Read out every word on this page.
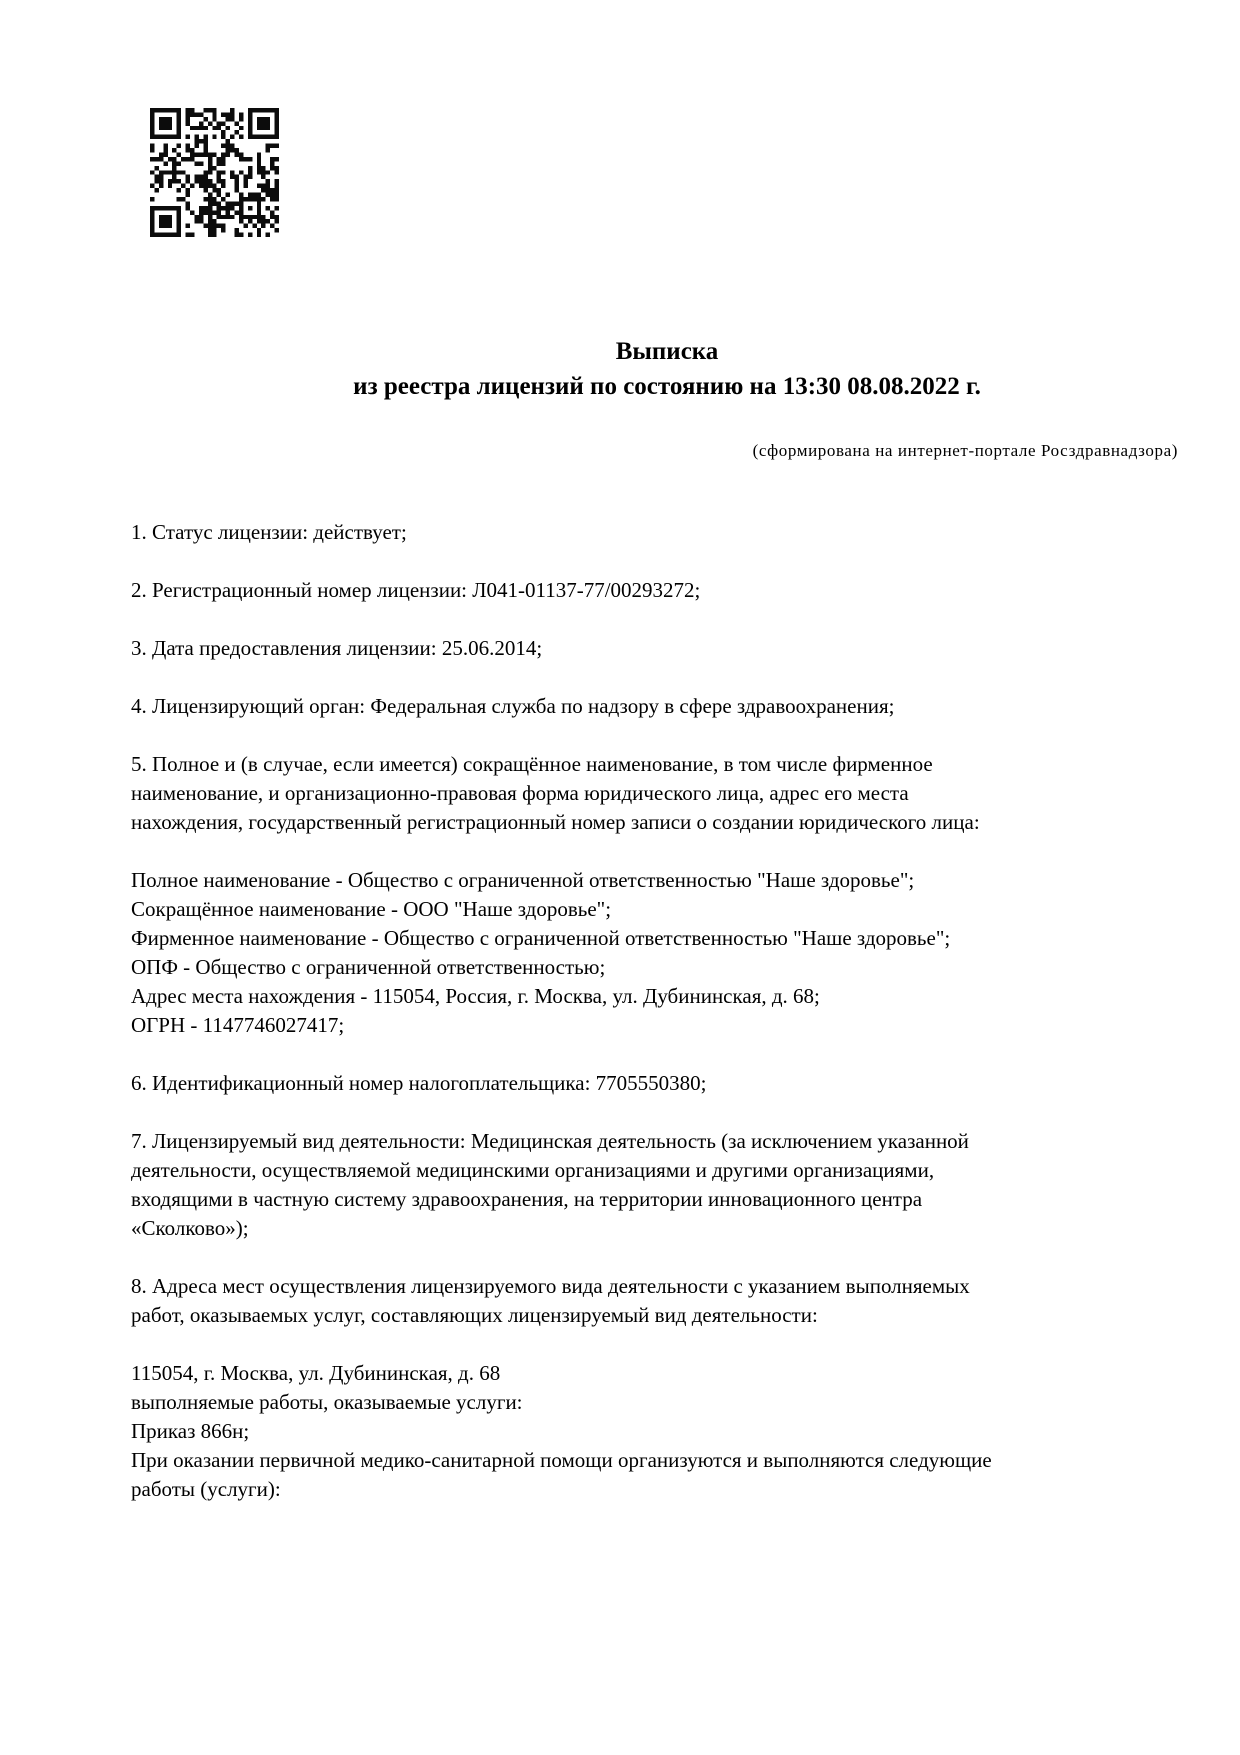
Выписка
из реестра лицензий по состоянию на 13:30 08.08.2022 г.
(сформирована на интернет-портале Росздравнадзора)
1. Статус лицензии: действует;
2. Регистрационный номер лицензии: Л041-01137-77/00293272;
3. Дата предоставления лицензии: 25.06.2014;
4. Лицензирующий орган: Федеральная служба по надзору в сфере здравоохранения;
5. Полное и (в случае, если имеется) сокращённое наименование, в том числе фирменное
наименование, и организационно-правовая форма юридического лица, адрес его места
нахождения, государственный регистрационный номер записи о создании юридического лица:
Полное наименование - Общество с ограниченной ответственностью "Наше здоровье";
Сокращённое наименование - ООО "Наше здоровье";
Фирменное наименование - Общество с ограниченной ответственностью "Наше здоровье";
ОПФ - Общество с ограниченной ответственностью;
Адрес места нахождения - 115054, Россия, г. Москва, ул. Дубининская, д. 68;
ОГРН - 1147746027417;
6. Идентификационный номер налогоплательщика: 7705550380;
7. Лицензируемый вид деятельности: Медицинская деятельность (за исключением указанной
деятельности, осуществляемой медицинскими организациями и другими организациями,
входящими в частную систему здравоохранения, на территории инновационного центра
«Сколково»);
8. Адреса мест осуществления лицензируемого вида деятельности с указанием выполняемых
работ, оказываемых услуг, составляющих лицензируемый вид деятельности:
115054, г. Москва, ул. Дубининская, д. 68
выполняемые работы, оказываемые услуги:
Приказ 866н;
При оказании первичной медико-санитарной помощи организуются и выполняются следующие
работы (услуги):
